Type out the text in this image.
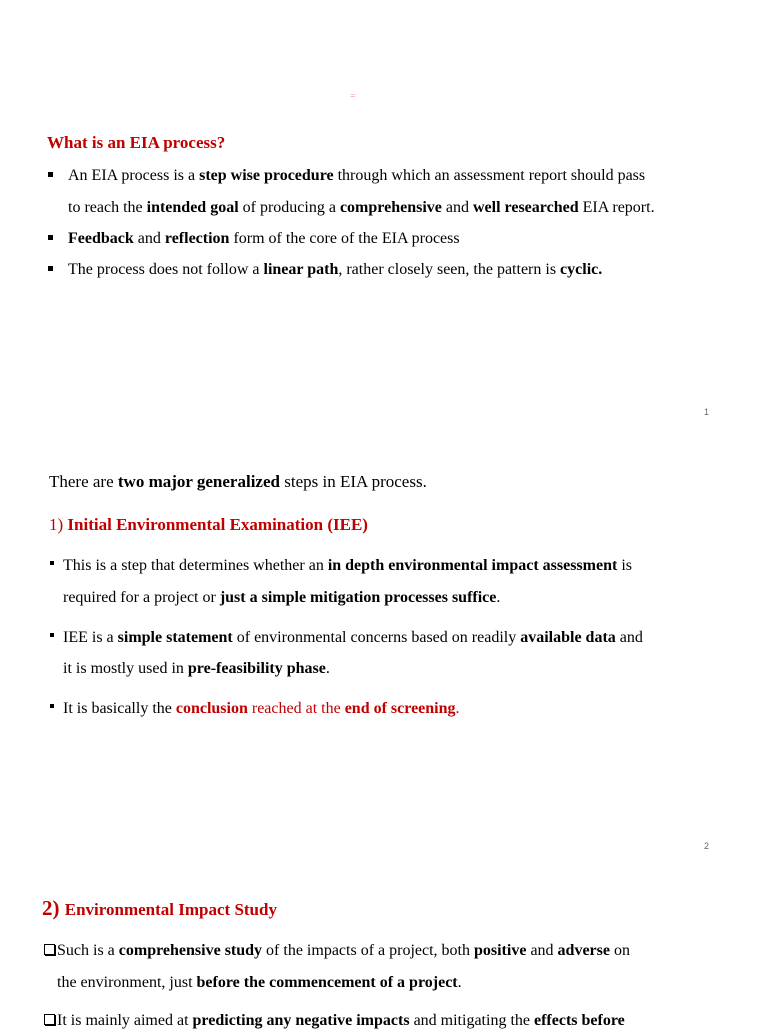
=
What is an EIA process?
An EIA process is a step wise procedure through which an assessment report should pass
to reach the intended goal of producing a comprehensive and well researched EIA report.
Feedback and reflection form of the core of the EIA process
The process does not follow a linear path, rather closely seen, the pattern is cyclic.
1
There are two major generalized steps in EIA process.
1) Initial Environmental Examination (IEE)
This is a step that determines whether an in depth environmental impact assessment is
required for a project or just a simple mitigation processes suffice.
IEE is a simple statement of environmental concerns based on readily available data and
it is mostly used in pre-feasibility phase.
It is basically the conclusion reached at the end of screening.
2
2) Environmental Impact Study
Such is a comprehensive study of the impacts of a project, both positive and adverse on
the environment, just before the commencement of a project.
It is mainly aimed at predicting any negative impacts and mitigating the effects before
